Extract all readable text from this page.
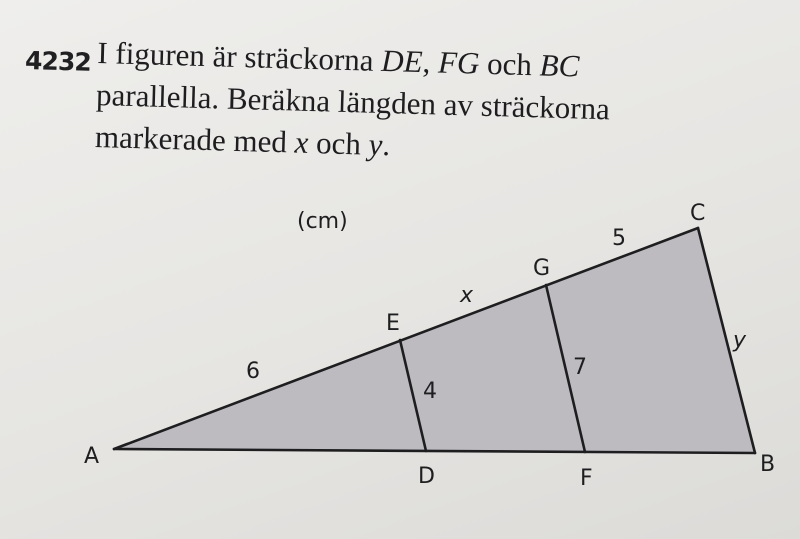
4232 I figuren är sträckorna DE, FG och BC
parallella. Beräkna längden av sträckorna
markerade med x och y.
(cm)
A	B
C
D
E
F
G
6
x
5
4
7
y
